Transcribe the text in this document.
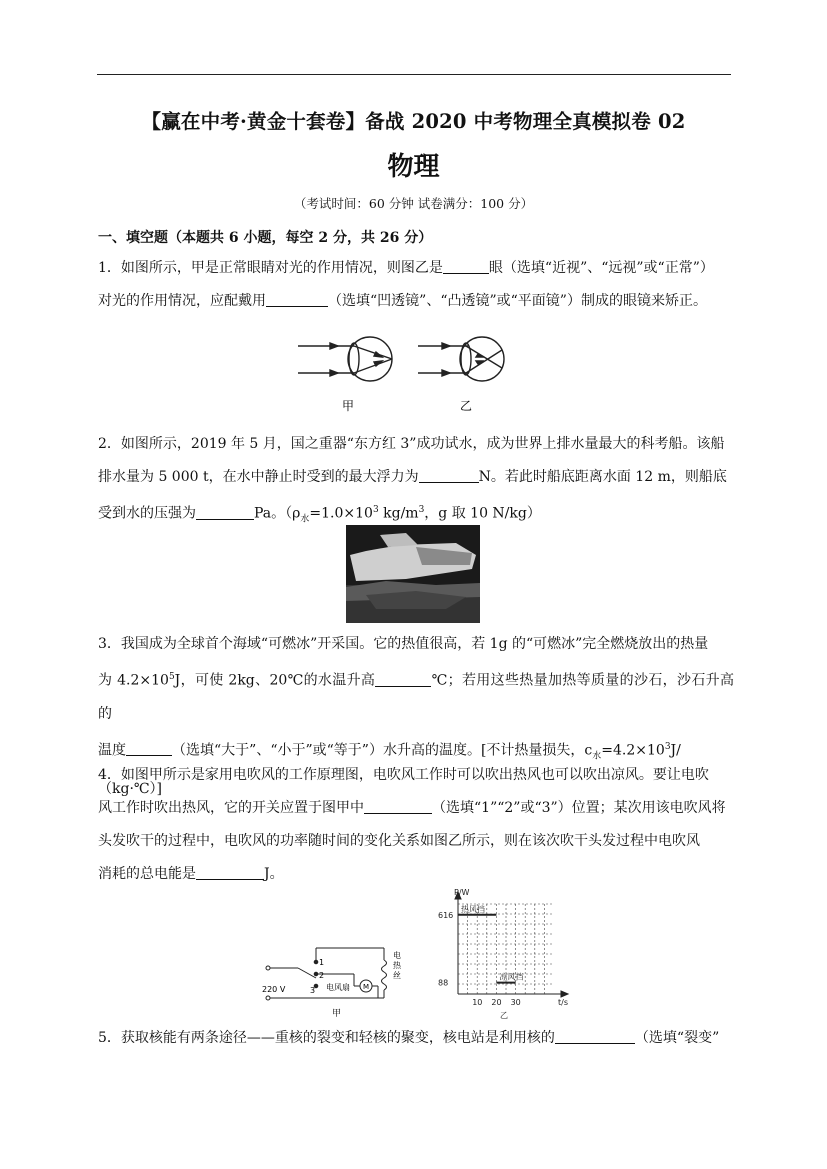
【赢在中考·黄金十套卷】备战 2020 中考物理全真模拟卷 02
物理
（考试时间：60 分钟 试卷满分：100 分）
一、填空题（本题共 6 小题，每空 2 分，共 26 分）
1．如图所示，甲是正常眼睛对光的作用情况，则图乙是	眼（选填“近视”、“远视”或“正常”）
对光的作用情况，应配戴用	（选填“凹透镜”、“凸透镜”或“平面镜”）制成的眼镜来矫正。
甲	乙
2．如图所示，2019 年 5 月，国之重器“东方红 3”成功试水，成为世界上排水量最大的科考船。该船
排水量为 5 000 t，在水中静止时受到的最大浮力为	N。若此时船底距离水面 12 m，则船底
受到水的压强为	Pa。（$\rho_水=1.0\times 10^3$ $kg/m^3$，g 取 10 N/kg）
3．我国成为全球首个海域“可燃冰”开采国。它的热值很高，若 1g 的“可燃冰”完全燃烧放出的热量
为 $4.2\times 10^5J$，可使 2kg、20℃的水温升高	℃；若用这些热量加热等质量的沙石，沙石升高的
温度	（选填“大于”、“小于”或“等于”）水升高的温度。[不计热量损失，$c_水=4.2\times 10^3J/$
（kg·℃）]
4．如图甲所示是家用电吹风的工作原理图，电吹风工作时可以吹出热风也可以吹出凉风。要让电吹
风工作时吹出热风，它的开关应置于图甲中	（选填“1”“2”或“3”）位置；某次用该电吹风将
头发吹干的过程中，电吹风的功率随时间的变化关系如图乙所示，则在该次吹干头发过程中电吹风
消耗的总电能是	J。
1
2
3
220 V	电风扇 M
电
热
丝
甲
热风挡
凉风挡
10 20 30
88
616
t/s
P/W
乙
5．获取核能有两条途径——重核的裂变和轻核的聚变，核电站是利用核的	（选填“裂变”
